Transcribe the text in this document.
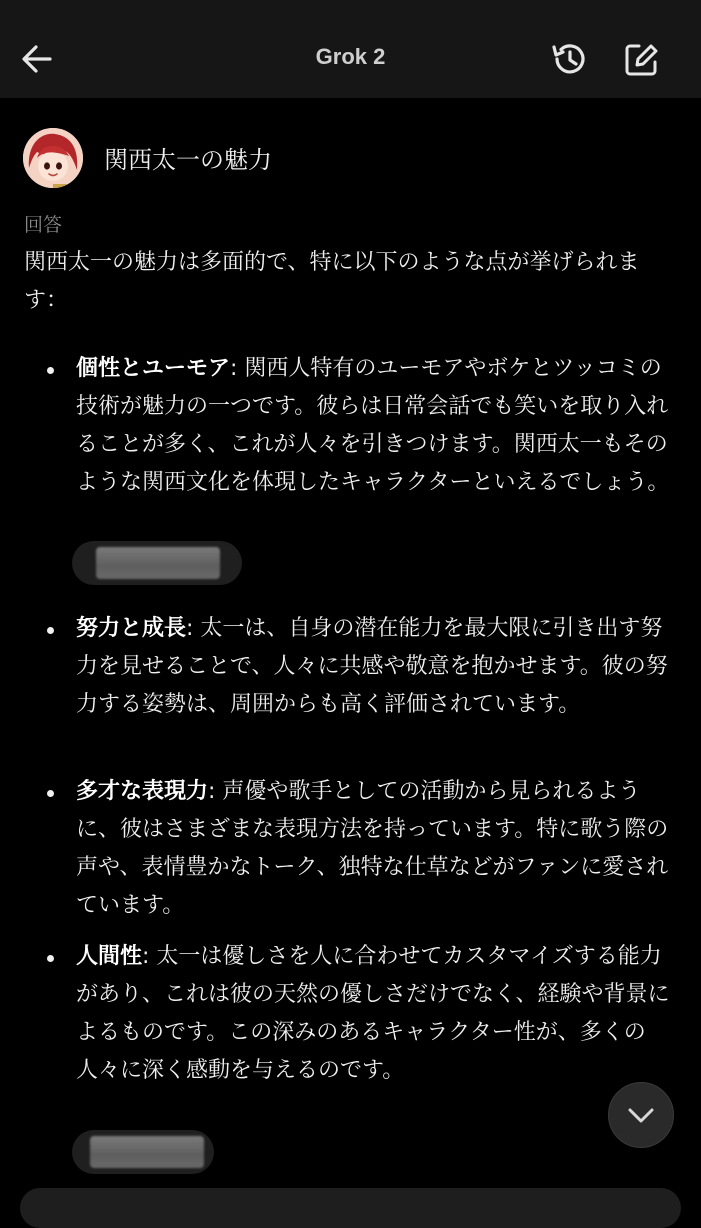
Grok 2
関西太一の魅力
回答
関西太一の魅力は多面的で、特に以下のような点が挙げられます：
個性とユーモア: 関西人特有のユーモアやボケとツッコミの技術が魅力の一つです。彼らは日常会話でも笑いを取り入れることが多く、これが人々を引きつけます。関西太一もそのような関西文化を体現したキャラクターといえるでしょう。
努力と成長: 太一は、自身の潜在能力を最大限に引き出す努力を見せることで、人々に共感や敬意を抱かせます。彼の努力する姿勢は、周囲からも高く評価されています。
多才な表現力: 声優や歌手としての活動から見られるように、彼はさまざまな表現方法を持っています。特に歌う際の声や、表情豊かなトーク、独特な仕草などがファンに愛されています。
人間性: 太一は優しさを人に合わせてカスタマイズする能力があり、これは彼の天然の優しさだけでなく、経験や背景によるものです。この深みのあるキャラクター性が、多くの人々に深く感動を与えるのです。
